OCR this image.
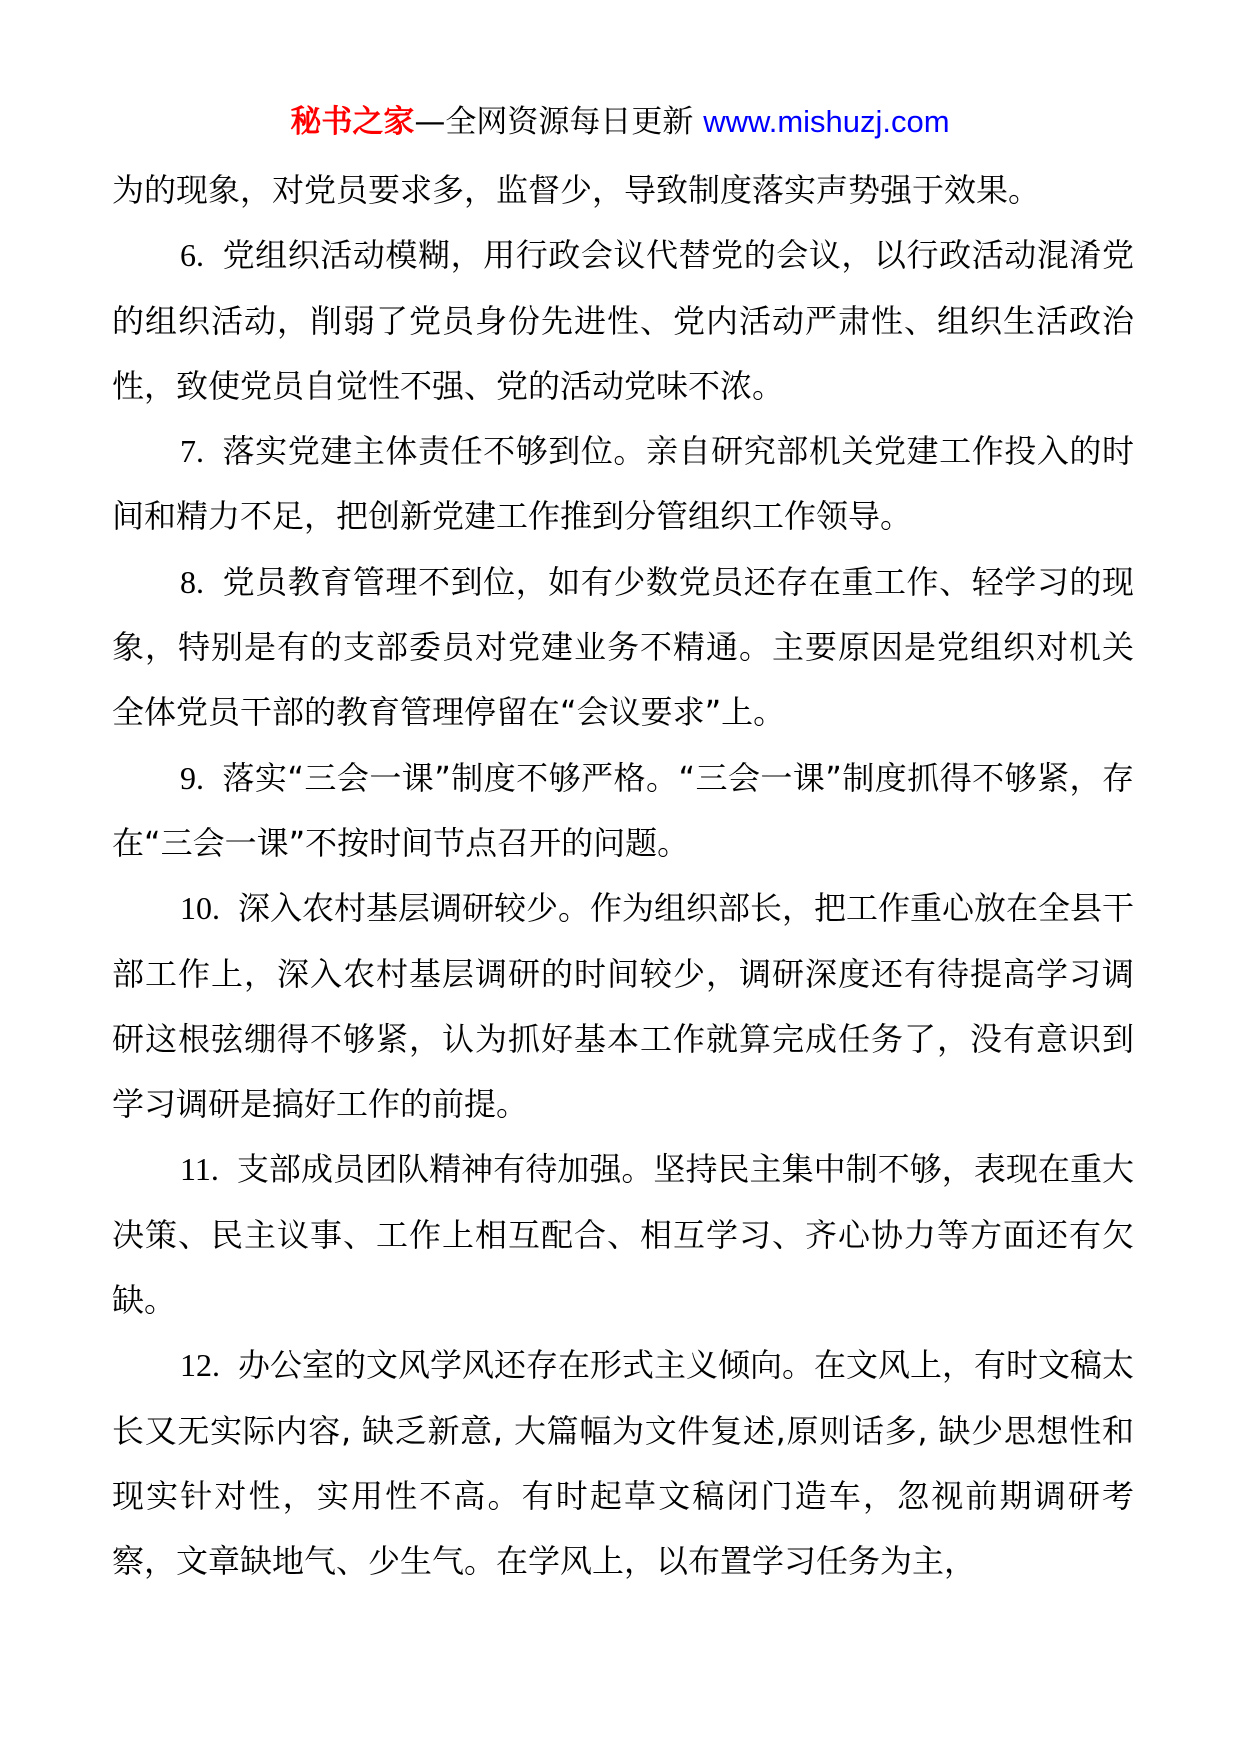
秘书之家—全网资源每日更新 www.mishuzj.com

为的现象，对党员要求多，监督少，导致制度落实声势强于效果。

6. 党组织活动模糊，用行政会议代替党的会议，以行政活动混淆党的组织活动，削弱了党员身份先进性、党内活动严肃性、组织生活政治性，致使党员自觉性不强、党的活动党味不浓。

7. 落实党建主体责任不够到位。亲自研究部机关党建工作投入的时间和精力不足，把创新党建工作推到分管组织工作领导。

8. 党员教育管理不到位，如有少数党员还存在重工作、轻学习的现象，特别是有的支部委员对党建业务不精通。主要原因是党组织对机关全体党员干部的教育管理停留在“会议要求”上。

9. 落实“三会一课”制度不够严格。“三会一课”制度抓得不够紧，存在“三会一课”不按时间节点召开的问题。

10. 深入农村基层调研较少。作为组织部长，把工作重心放在全县干部工作上，深入农村基层调研的时间较少，调研深度还有待提高学习调研这根弦绷得不够紧，认为抓好基本工作就算完成任务了，没有意识到学习调研是搞好工作的前提。

11. 支部成员团队精神有待加强。坚持民主集中制不够，表现在重大决策、民主议事、工作上相互配合、相互学习、齐心协力等方面还有欠缺。

12. 办公室的文风学风还存在形式主义倾向。在文风上，有时文稿太长又无实际内容, 缺乏新意, 大篇幅为文件复述,原则话多, 缺少思想性和现实针对性，实用性不高。有时起草文稿闭门造车，忽视前期调研考察，文章缺地气、少生气。在学风上，以布置学习任务为主，
